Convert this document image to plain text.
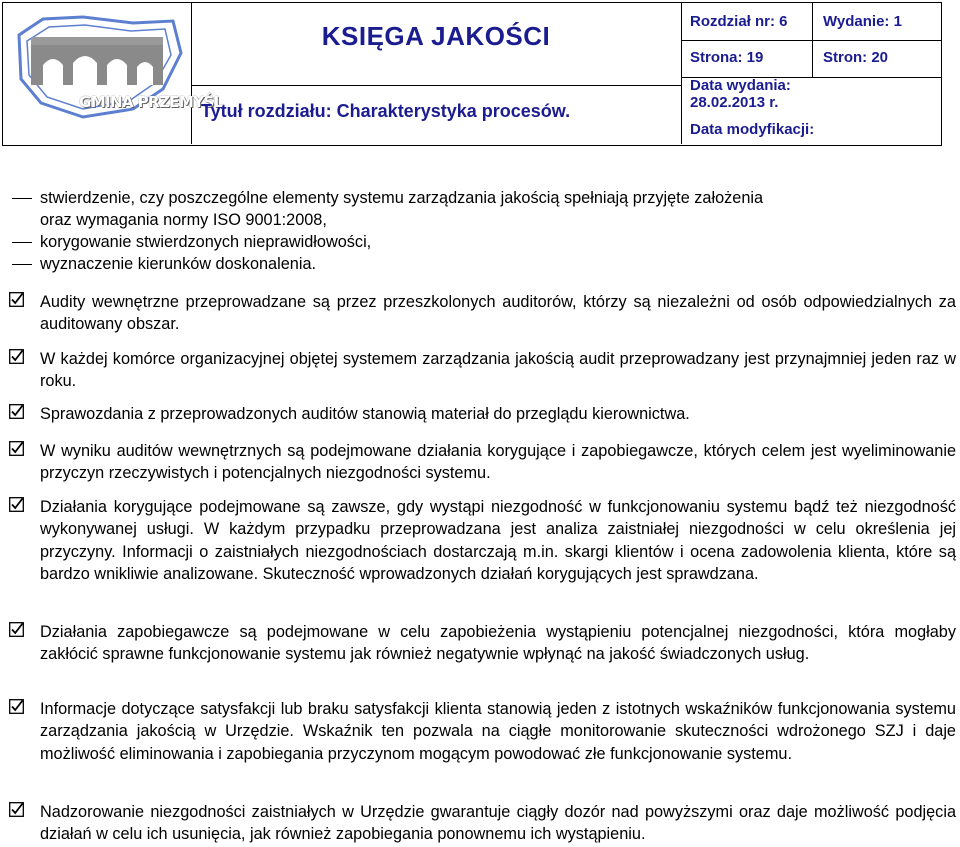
GMINA PRZEMYŚL
KSIĘGA JAKOŚCI
Tytuł rozdziału: Charakterystyka procesów.
Rozdział nr: 6 Wydanie: 1
Strona: 19	Stron: 20
Data wydania:
28.02.2013 r.
Data modyfikacji:
stwierdzenie, czy poszczególne elementy systemu zarządzania jakością spełniają przyjęte założenia
oraz wymagania normy ISO 9001:2008,
korygowanie stwierdzonych nieprawidłowości,
wyznaczenie kierunków doskonalenia.
Audity wewnętrzne przeprowadzane są przez przeszkolonych auditorów, którzy są niezależni od osób odpowiedzialnych za auditowany obszar.
W każdej komórce organizacyjnej objętej systemem zarządzania jakością audit przeprowadzany jest przynajmniej jeden raz w roku.
Sprawozdania z przeprowadzonych auditów stanowią materiał do przeglądu kierownictwa.
W wyniku auditów wewnętrznych są podejmowane działania korygujące i zapobiegawcze, których celem jest wyeliminowanie przyczyn rzeczywistych i potencjalnych niezgodności systemu.
Działania korygujące podejmowane są zawsze, gdy wystąpi niezgodność w funkcjonowaniu systemu bądź też niezgodność wykonywanej usługi. W każdym przypadku przeprowadzana jest analiza zaistniałej niezgodności w celu określenia jej przyczyny. Informacji o zaistniałych niezgodnościach dostarczają m.in. skargi klientów i ocena zadowolenia klienta, które są bardzo wnikliwie analizowane. Skuteczność wprowadzonych działań korygujących jest sprawdzana.
Działania zapobiegawcze są podejmowane w celu zapobieżenia wystąpieniu potencjalnej niezgodności, która mogłaby zakłócić sprawne funkcjonowanie systemu jak również negatywnie wpłynąć na jakość świadczonych usług.
Informacje dotyczące satysfakcji lub braku satysfakcji klienta stanowią jeden z istotnych wskaźników funkcjonowania systemu zarządzania jakością w Urzędzie. Wskaźnik ten pozwala na ciągłe monitorowanie skuteczności wdrożonego SZJ i daje możliwość eliminowania i zapobiegania przyczynom mogącym powodować złe funkcjonowanie systemu.
Nadzorowanie niezgodności zaistniałych w Urzędzie gwarantuje ciągły dozór nad powyższymi oraz daje możliwość podjęcia działań w celu ich usunięcia, jak również zapobiegania ponownemu ich wystąpieniu.
